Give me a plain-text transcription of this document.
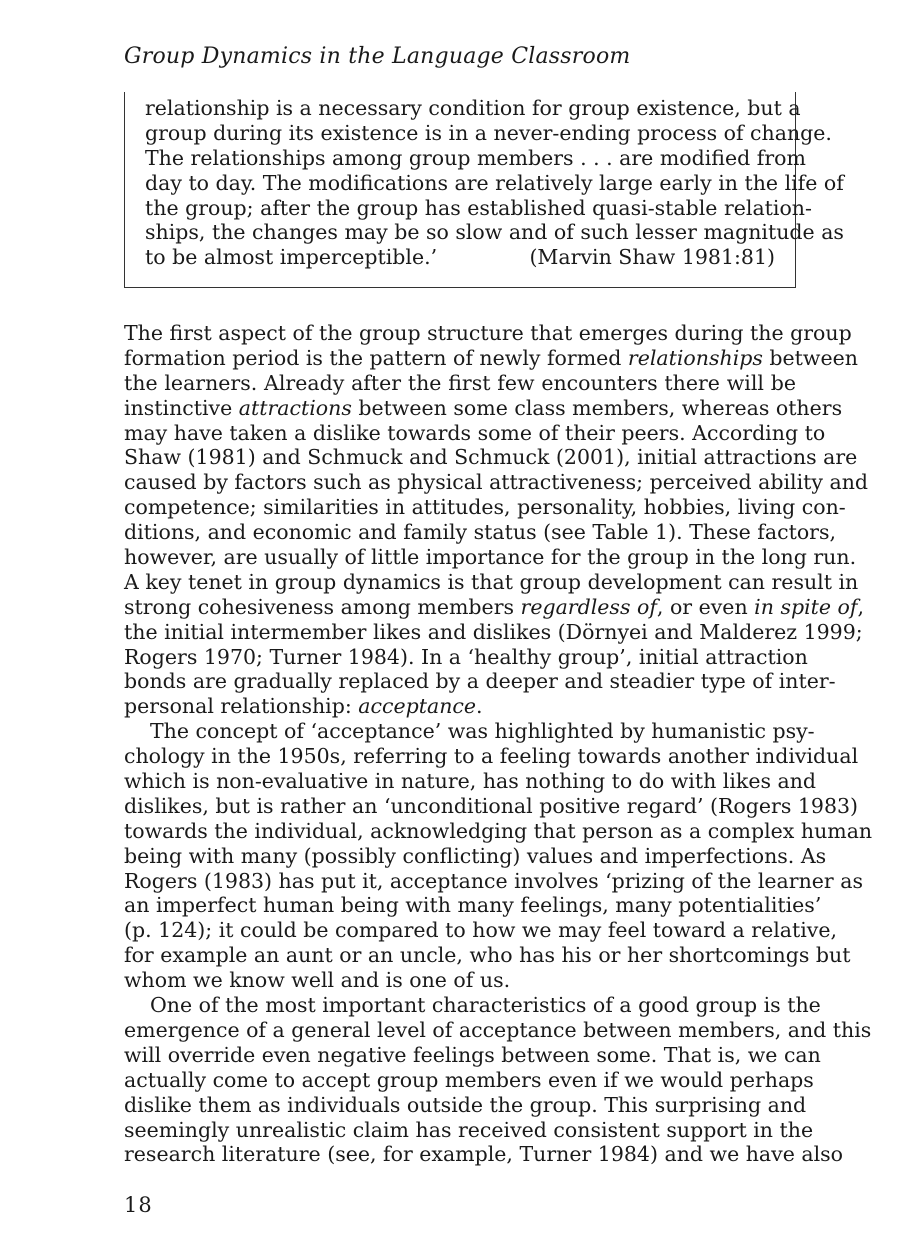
Group Dynamics in the Language Classroom
relationship is a necessary condition for group existence, but a
group during its existence is in a never-ending process of change.
The relationships among group members . . . are modified from
day to day. The modifications are relatively large early in the life of
the group; after the group has established quasi-stable relation-
ships, the changes may be so slow and of such lesser magnitude as
to be almost imperceptible.’	(Marvin Shaw 1981:81)
The first aspect of the group structure that emerges during the group
formation period is the pattern of newly formed relationships between
the learners. Already after the first few encounters there will be
instinctive attractions between some class members, whereas others
may have taken a dislike towards some of their peers. According to
Shaw (1981) and Schmuck and Schmuck (2001), initial attractions are
caused by factors such as physical attractiveness; perceived ability and
competence; similarities in attitudes, personality, hobbies, living con-
ditions, and economic and family status (see Table 1). These factors,
however, are usually of little importance for the group in the long run.
A key tenet in group dynamics is that group development can result in
strong cohesiveness among members regardless of, or even in spite of,
the initial intermember likes and dislikes (Dörnyei and Malderez 1999;
Rogers 1970; Turner 1984). In a ‘healthy group’, initial attraction
bonds are gradually replaced by a deeper and steadier type of inter-
personal relationship: acceptance.
The concept of ‘acceptance’ was highlighted by humanistic psy-
chology in the 1950s, referring to a feeling towards another individual
which is non-evaluative in nature, has nothing to do with likes and
dislikes, but is rather an ‘unconditional positive regard’ (Rogers 1983)
towards the individual, acknowledging that person as a complex human
being with many (possibly conflicting) values and imperfections. As
Rogers (1983) has put it, acceptance involves ‘prizing of the learner as
an imperfect human being with many feelings, many potentialities’
(p. 124); it could be compared to how we may feel toward a relative,
for example an aunt or an uncle, who has his or her shortcomings but
whom we know well and is one of us.
One of the most important characteristics of a good group is the
emergence of a general level of acceptance between members, and this
will override even negative feelings between some. That is, we can
actually come to accept group members even if we would perhaps
dislike them as individuals outside the group. This surprising and
seemingly unrealistic claim has received consistent support in the
research literature (see, for example, Turner 1984) and we have also
18
